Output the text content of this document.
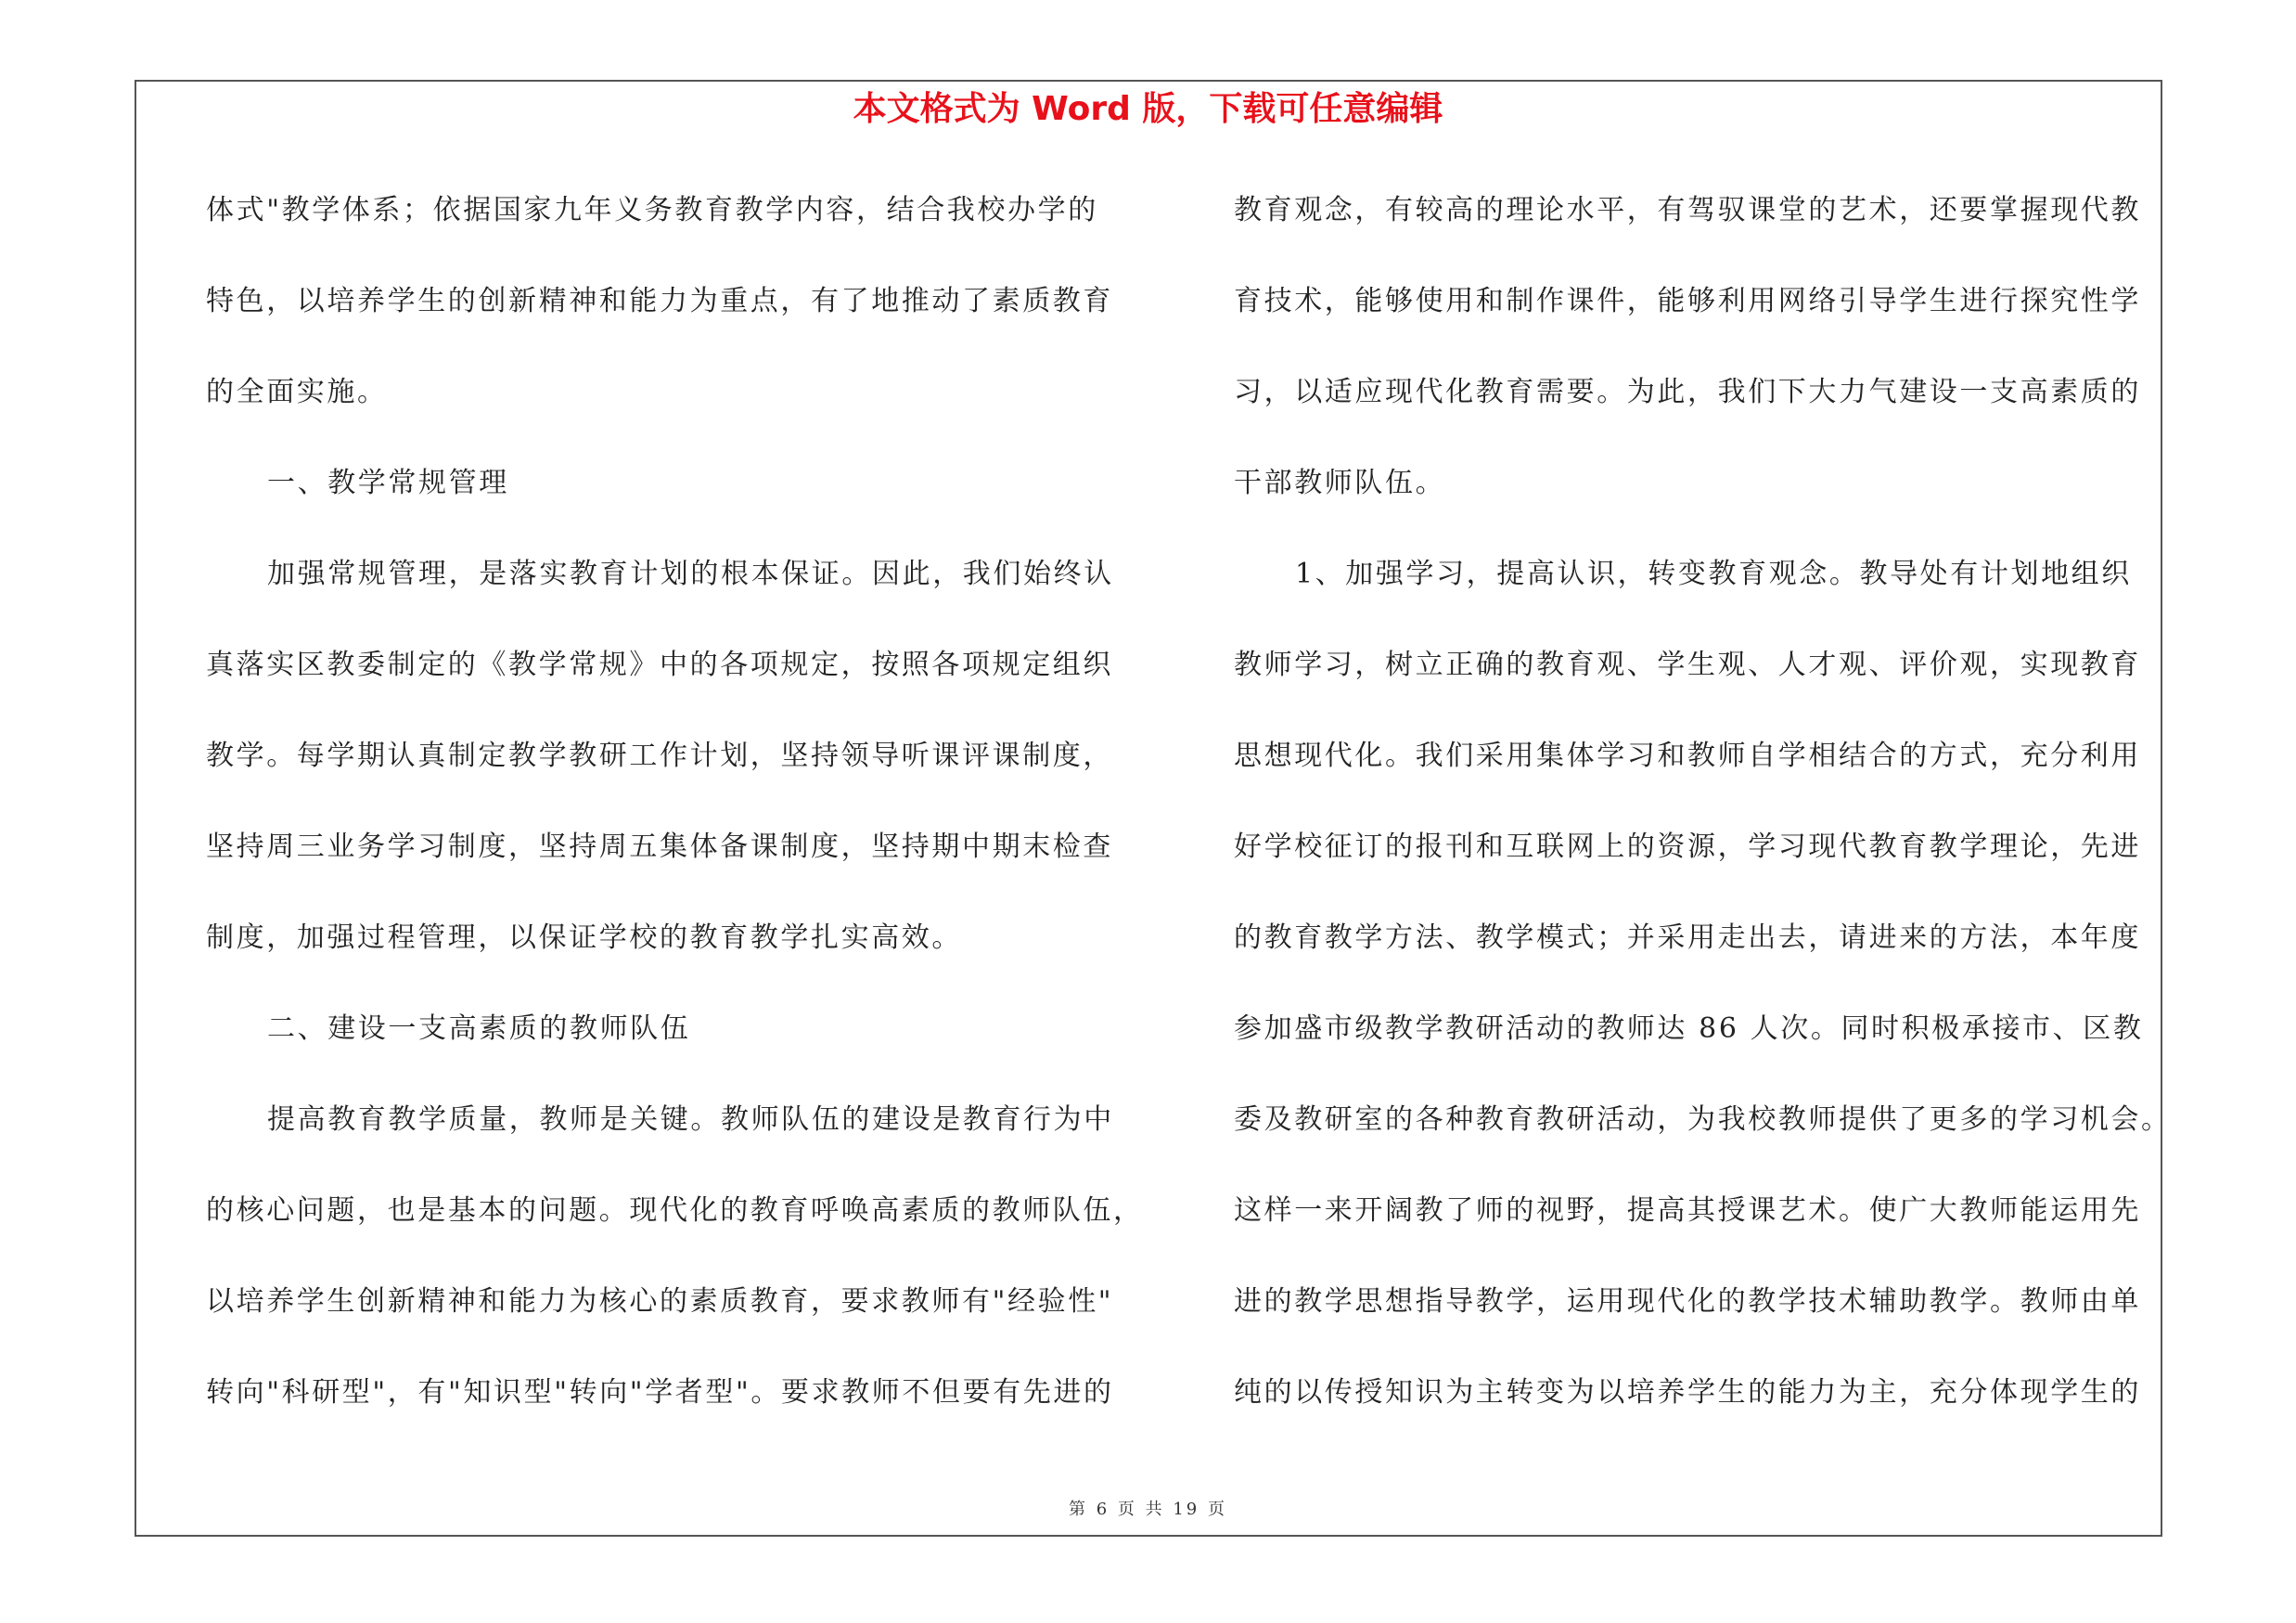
本文格式为 Word 版，下载可任意编辑
体式"教学体系；依据国家九年义务教育教学内容，结合我校办学的
特色，以培养学生的创新精神和能力为重点，有了地推动了素质教育
的全面实施。
一、教学常规管理
加强常规管理，是落实教育计划的根本保证。因此，我们始终认
真落实区教委制定的《教学常规》中的各项规定，按照各项规定组织
教学。每学期认真制定教学教研工作计划，坚持领导听课评课制度，
坚持周三业务学习制度，坚持周五集体备课制度，坚持期中期末检查
制度，加强过程管理，以保证学校的教育教学扎实高效。
二、建设一支高素质的教师队伍
提高教育教学质量，教师是关键。教师队伍的建设是教育行为中
的核心问题，也是基本的问题。现代化的教育呼唤高素质的教师队伍，
以培养学生创新精神和能力为核心的素质教育，要求教师有"经验性"
转向"科研型"，有"知识型"转向"学者型"。要求教师不但要有先进的
教育观念，有较高的理论水平，有驾驭课堂的艺术，还要掌握现代教
育技术，能够使用和制作课件，能够利用网络引导学生进行探究性学
习，以适应现代化教育需要。为此，我们下大力气建设一支高素质的
干部教师队伍。
1、加强学习，提高认识，转变教育观念。教导处有计划地组织
教师学习，树立正确的教育观、学生观、人才观、评价观，实现教育
思想现代化。我们采用集体学习和教师自学相结合的方式，充分利用
好学校征订的报刊和互联网上的资源，学习现代教育教学理论，先进
的教育教学方法、教学模式；并采用走出去，请进来的方法，本年度
参加盛市级教学教研活动的教师达 86 人次。同时积极承接市、区教
委及教研室的各种教育教研活动，为我校教师提供了更多的学习机会。
这样一来开阔教了师的视野，提高其授课艺术。使广大教师能运用先
进的教学思想指导教学，运用现代化的教学技术辅助教学。教师由单
纯的以传授知识为主转变为以培养学生的能力为主，充分体现学生的
第 6 页 共 19 页
